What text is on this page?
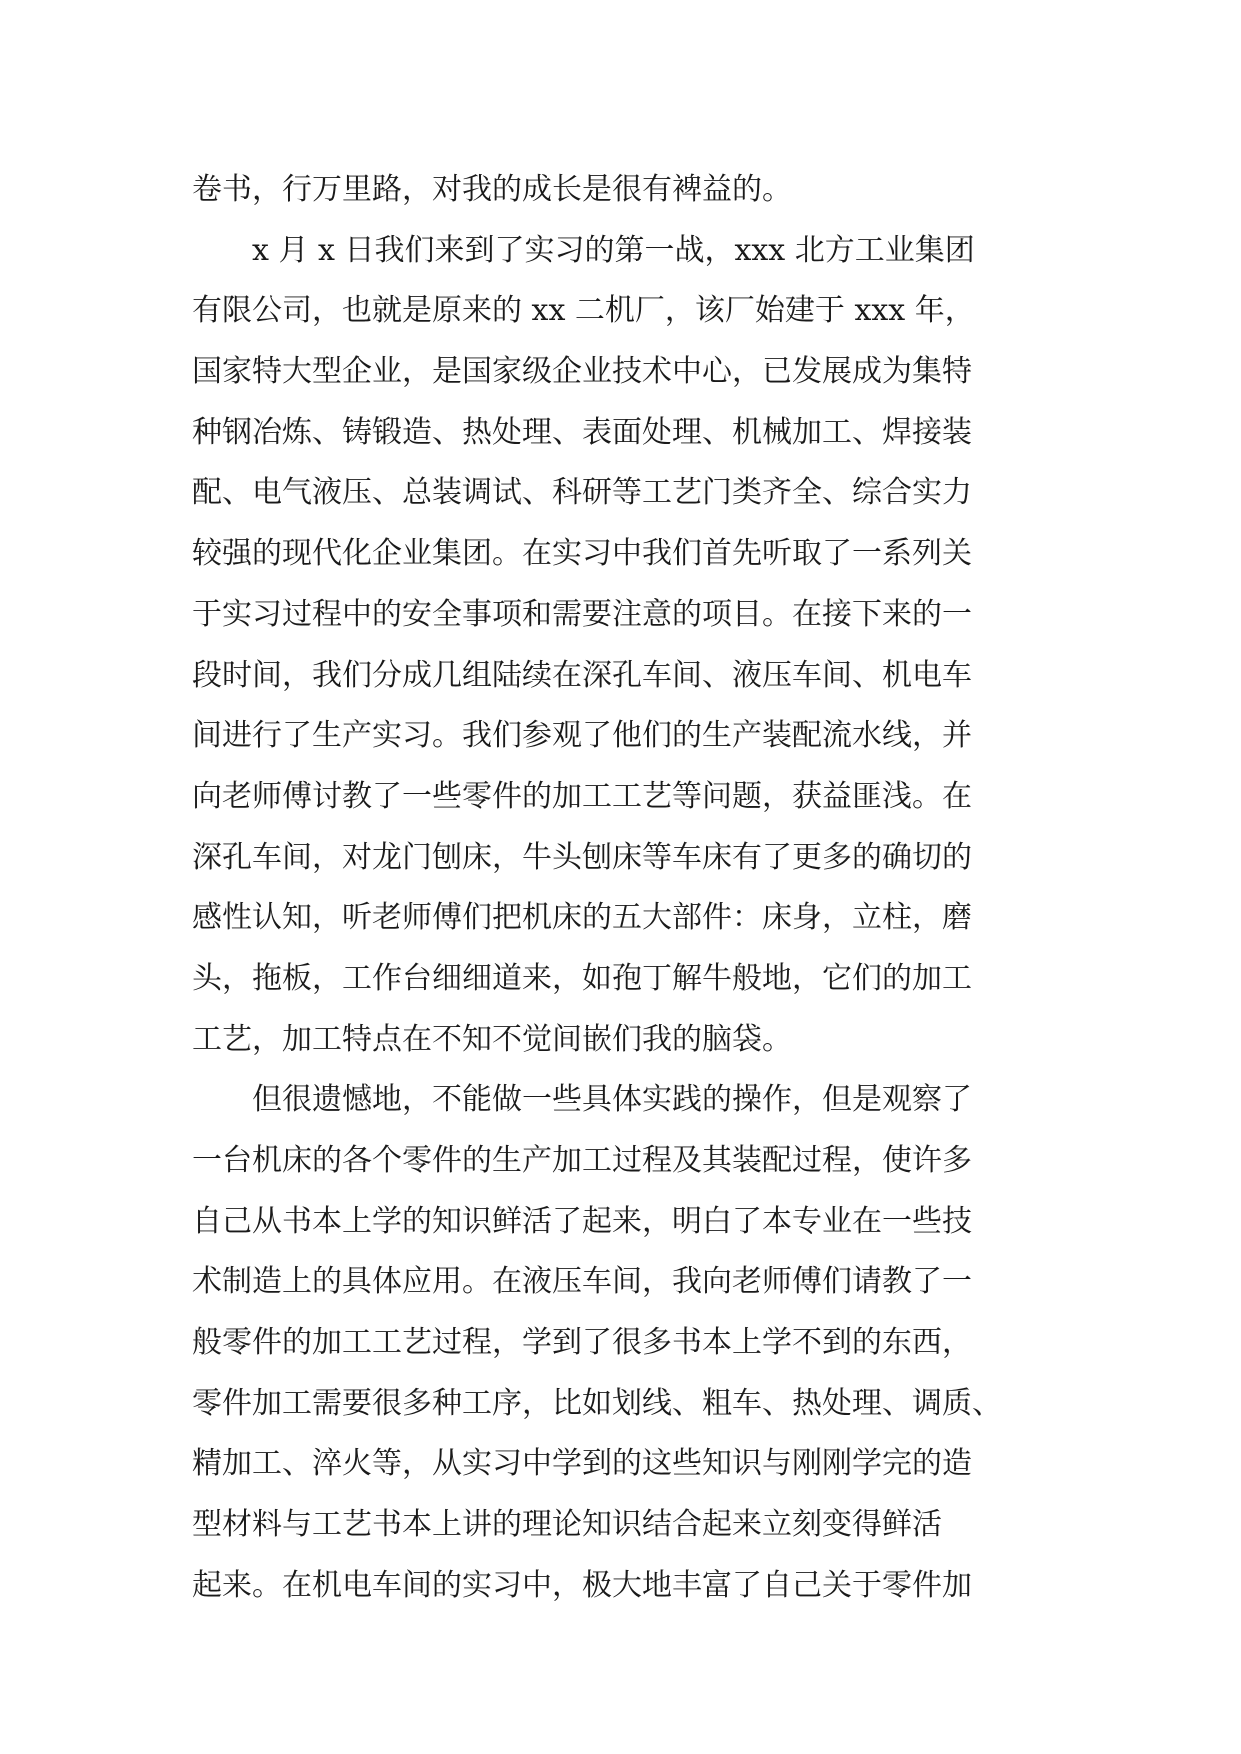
卷书，行万里路，对我的成长是很有裨益的。
　　x 月 x 日我们来到了实习的第一战，xxx 北方工业集团
有限公司，也就是原来的 xx 二机厂，该厂始建于 xxx 年，
国家特大型企业，是国家级企业技术中心，已发展成为集特
种钢冶炼、铸锻造、热处理、表面处理、机械加工、焊接装
配、电气液压、总装调试、科研等工艺门类齐全、综合实力
较强的现代化企业集团。在实习中我们首先听取了一系列关
于实习过程中的安全事项和需要注意的项目。在接下来的一
段时间，我们分成几组陆续在深孔车间、液压车间、机电车
间进行了生产实习。我们参观了他们的生产装配流水线，并
向老师傅讨教了一些零件的加工工艺等问题，获益匪浅。在
深孔车间，对龙门刨床，牛头刨床等车床有了更多的确切的
感性认知，听老师傅们把机床的五大部件：床身，立柱，磨
头，拖板，工作台细细道来，如孢丁解牛般地，它们的加工
工艺，加工特点在不知不觉间嵌们我的脑袋。
　　但很遗憾地，不能做一些具体实践的操作，但是观察了
一台机床的各个零件的生产加工过程及其装配过程，使许多
自己从书本上学的知识鲜活了起来，明白了本专业在一些技
术制造上的具体应用。在液压车间，我向老师傅们请教了一
般零件的加工工艺过程，学到了很多书本上学不到的东西，
零件加工需要很多种工序，比如划线、粗车、热处理、调质、
精加工、淬火等，从实习中学到的这些知识与刚刚学完的造
型材料与工艺书本上讲的理论知识结合起来立刻变得鲜活
起来。在机电车间的实习中，极大地丰富了自己关于零件加
